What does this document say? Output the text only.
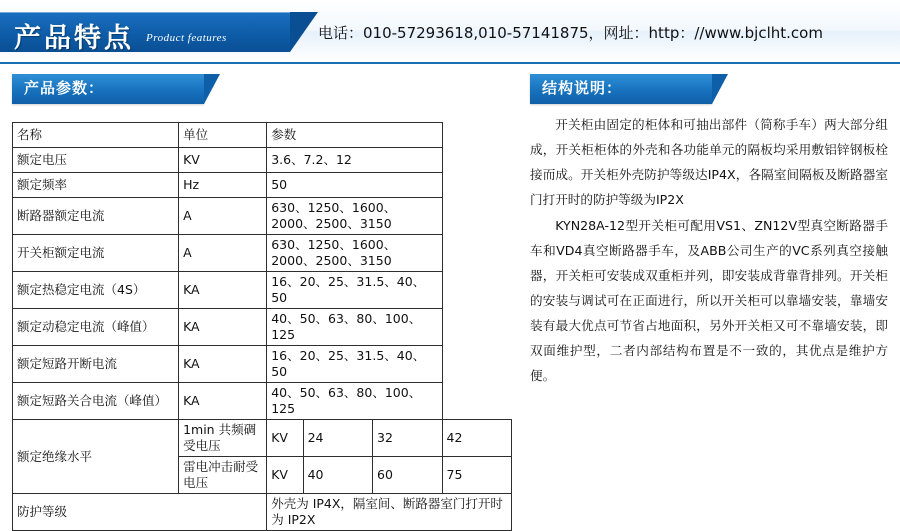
产品特点 Product features	电话：010-57293618,010-57141875，网址：http：//www.bjclht.com
产品参数：	结构说明：
名称	单位	参数			
额定电压	KV	3.6、7.2、12			
额定频率	Hz	50			
断路器额定电流	A	630、1250、1600、2000、2500、3150			
开关柜额定电流	A	630、1250、1600、2000、2500、3150			
额定热稳定电流（4S）	KA	16、20、25、31.5、40、50			
额定动稳定电流（峰值）	KA	40、50、63、80、100、125			
额定短路开断电流	KA	16、20、25、31.5、40、50			
额定短路关合电流（峰值）	KA	40、50、63、80、100、125			
额定绝缘水平	1min 共频碉受电压	KV	24	32	42
	雷电冲击耐受电压	KV	40	60	75
防护等级		外壳为 IP4X，隔室间、断路器室门打开时为 IP2X			

开关柜由固定的柜体和可抽出部件（简称手车）两大部分组成，开关柜柜体的外壳和各功能单元的隔板均采用敷铝锌钢板栓接而成。开关柜外壳防护等级达IP4X，各隔室间隔板及断路器室门打开时的防护等级为IP2X

KYN28A-12型开关柜可配用VS1、ZN12V型真空断路器手车和VD4真空断路器手车，及ABB公司生产的VC系列真空接触器，开关柜可安装成双重柜并列，即安装成背靠背排列。开关柜的安装与调试可在正面进行，所以开关柜可以靠墙安装，靠墙安装有最大优点可节省占地面积，另外开关柜又可不靠墙安装，即双面维护型，二者内部结构布置是不一致的，其优点是维护方便。
